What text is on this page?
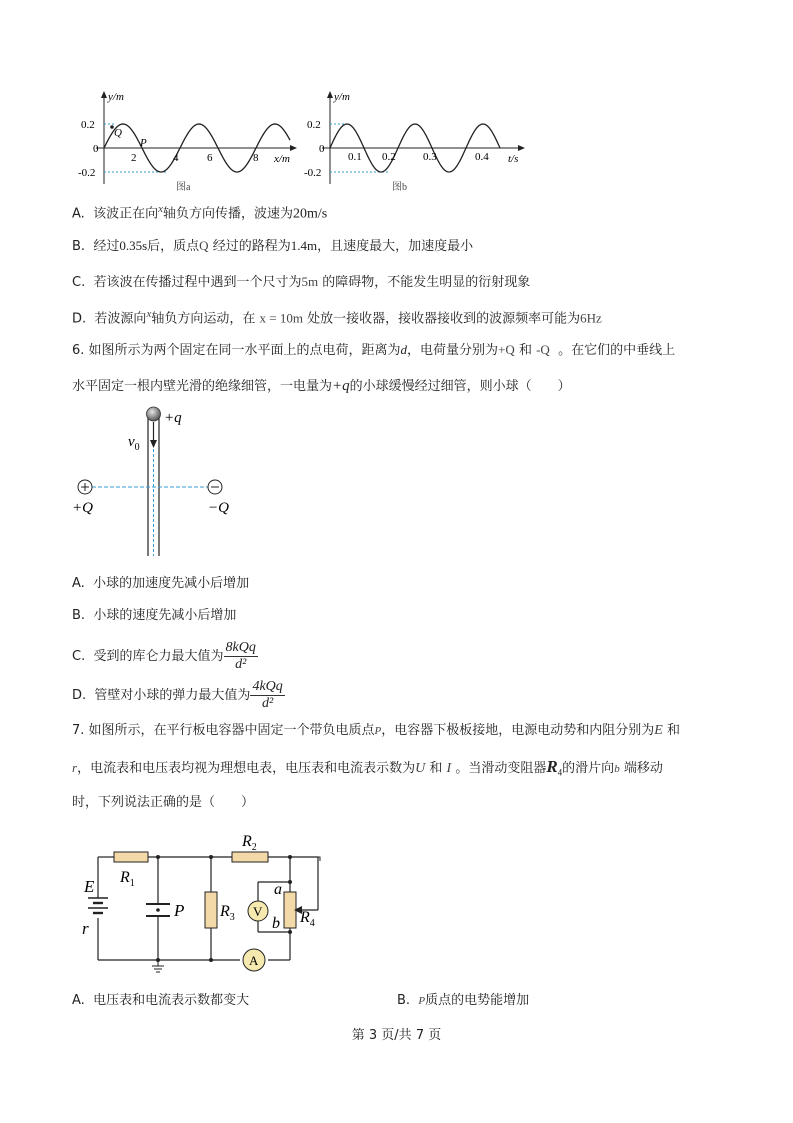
Q
P
y/m
x/m
0.2
0
-0.2
2	4	6	8
图a
y/m
t/s
0.2
0
-0.2
0.1 0.2 0.3	0.4
图b
A. 该波正在向$^x$轴负方向传播，波速为20m/s
B. 经过0.35s后，质点Q 经过的路程为1.4m，且速度最大，加速度最小
C. 若该波在传播过程中遇到一个尺寸为5m 的障碍物，不能发生明显的衍射现象
D. 若波源向$^x$轴负方向运动，在 x = 10m 处放一接收器，接收器接收到的波源频率可能为6Hz
6. 如图所示为两个固定在同一水平面上的点电荷，距离为d，电荷量分别为+Q 和 -Q 。在它们的中垂线上
水平固定一根内壁光滑的绝缘细管，一电量为+q的小球缓慢经过细管，则小球（　　）
+q
$v_0$
+Q	−Q
A. 小球的加速度先减小后增加
B. 小球的速度先减小后增加
C. 受到的库仑力最大值为 $\frac{\text{8kQq}}{\text{d²}}$
D. 管壁对小球的弹力最大值为 $\frac{\text{4kQq}}{\text{d²}}$
7. 如图所示，在平行板电容器中固定一个带负电质点P，电容器下极板接地，电源电动势和内阻分别为E 和
r，电流表和电压表均视为理想电表，电压表和电流表示数为U 和 I 。当滑动变阻器$R_4$的滑片向b 端移动
时，下列说法正确的是（　　）
V
A
E
r
$R_1$
$R_2$
$R_3$	$R_4$
P
a
b
A. 电压表和电流表示数都变大	B. P质点的电势能增加
第 3 页/共 7 页
